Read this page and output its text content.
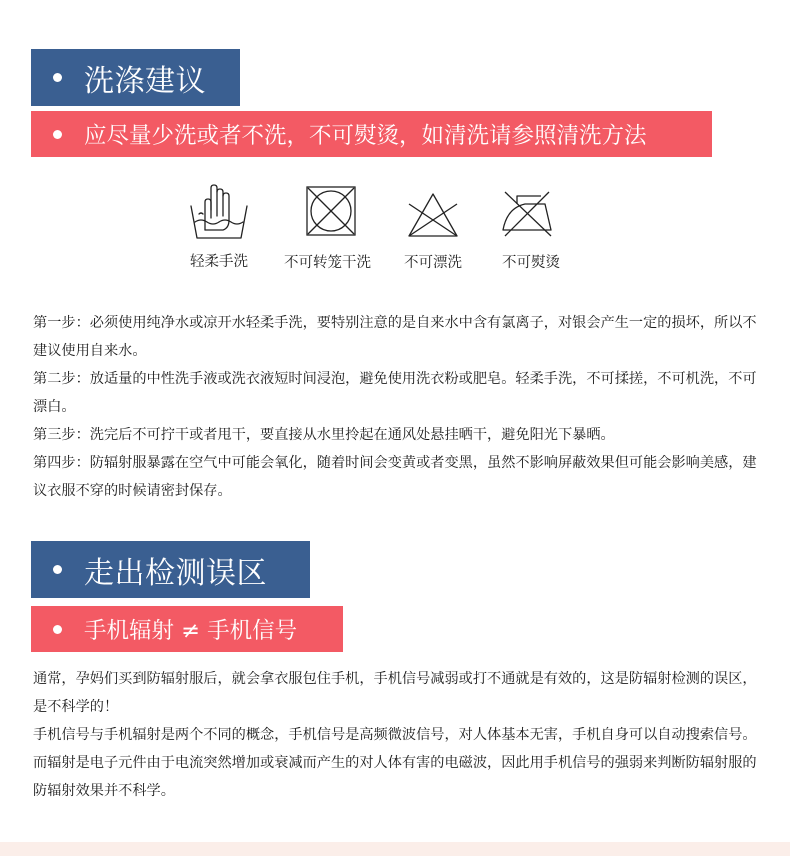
洗涤建议
应尽量少洗或者不洗，不可熨烫，如清洗请参照清洗方法
轻柔手洗 不可转笼干洗 不可漂洗	不可熨烫

第一步：必须使用纯净水或凉开水轻柔手洗，要特别注意的是自来水中含有氯离子，对银会产生一定的损坏，所以不建议使用自来水。

第二步：放适量的中性洗手液或洗衣液短时间浸泡，避免使用洗衣粉或肥皂。轻柔手洗，不可揉搓，不可机洗，不可漂白。

第三步：洗完后不可拧干或者甩干，要直接从水里拎起在通风处悬挂晒干，避免阳光下暴晒。

第四步：防辐射服暴露在空气中可能会氧化，随着时间会变黄或者变黑，虽然不影响屏蔽效果但可能会影响美感，建议衣服不穿的时候请密封保存。

走出检测误区
手机辐射 ≠ 手机信号

通常，孕妈们买到防辐射服后，就会拿衣服包住手机，手机信号减弱或打不通就是有效的，这是防辐射检测的误区，是不科学的！

手机信号与手机辐射是两个不同的概念，手机信号是高频微波信号，对人体基本无害，手机自身可以自动搜索信号。而辐射是电子元件由于电流突然增加或衰减而产生的对人体有害的电磁波，因此用手机信号的强弱来判断防辐射服的防辐射效果并不科学。
